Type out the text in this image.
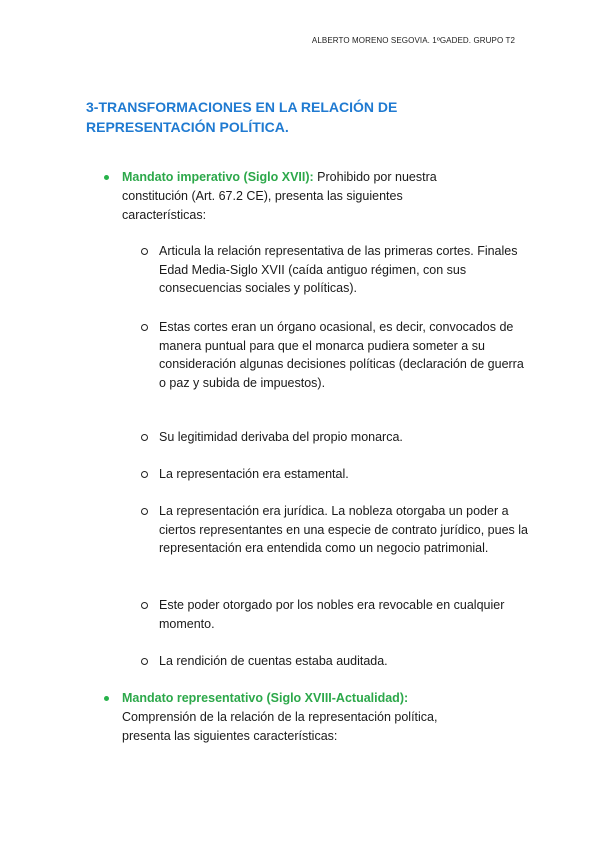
ALBERTO MORENO SEGOVIA. 1ºGADED. GRUPO T2
3-TRANSFORMACIONES EN LA RELACIÓN DE REPRESENTACIÓN POLÍTICA.
Mandato imperativo (Siglo XVII): Prohibido por nuestra constitución (Art. 67.2 CE), presenta las siguientes características:
Articula la relación representativa de las primeras cortes. Finales Edad Media-Siglo XVII (caída antiguo régimen, con sus consecuencias sociales y políticas).
Estas cortes eran un órgano ocasional, es decir, convocados de manera puntual para que el monarca pudiera someter a su consideración algunas decisiones políticas (declaración de guerra o paz y subida de impuestos).
Su legitimidad derivaba del propio monarca.
La representación era estamental.
La representación era jurídica. La nobleza otorgaba un poder a ciertos representantes en una especie de contrato jurídico, pues la representación era entendida como un negocio patrimonial.
Este poder otorgado por los nobles era revocable en cualquier momento.
La rendición de cuentas estaba auditada.
Mandato representativo (Siglo XVIII-Actualidad):
Comprensión de la relación de la representación política, presenta las siguientes características:
